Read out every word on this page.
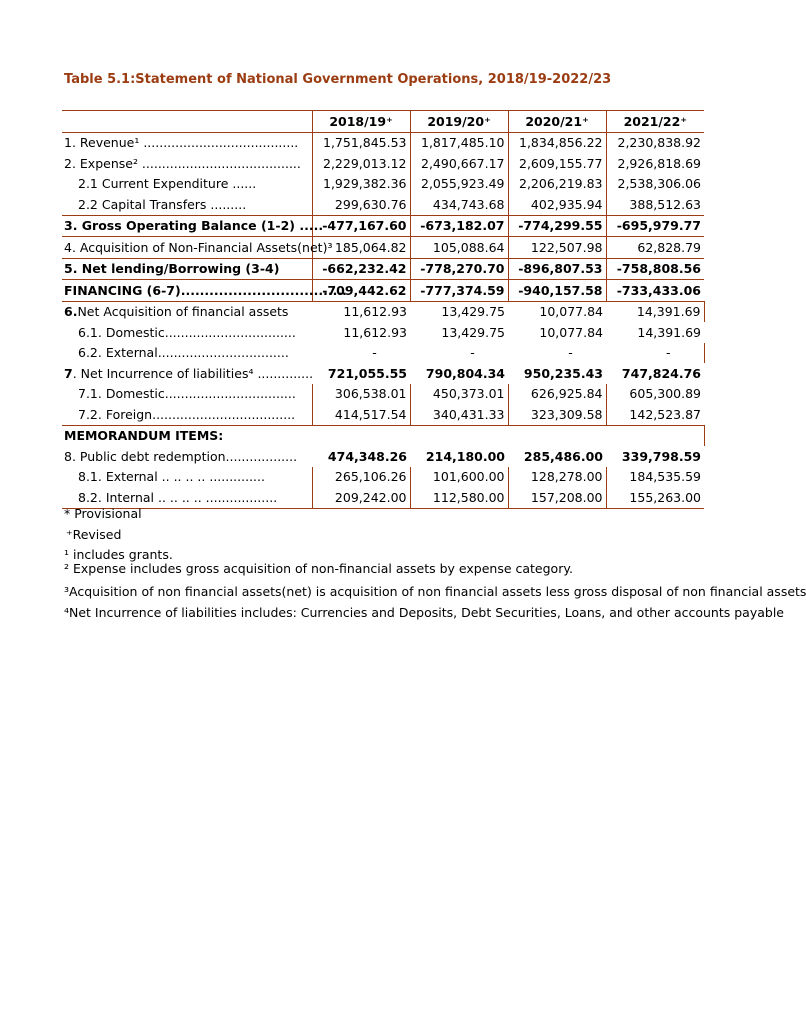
Table 5.1:Statement of National Government Operations, 2018/19-2022/23
	2018/19⁺	2019/20⁺	2020/21⁺	2021/22⁺
1. Revenue¹ .......................................	1,751,845.53	1,817,485.10	1,834,856.22	2,230,838.92
2. Expense² ........................................	2,229,013.12	2,490,667.17	2,609,155.77	2,926,818.69
2.1 Current Expenditure ......	1,929,382.36	2,055,923.49	2,206,219.83	2,538,306.06
2.2 Capital Transfers .........	299,630.76	434,743.68	402,935.94	388,512.63
3. Gross Operating Balance (1-2) .....	-477,167.60	-673,182.07	-774,299.55	-695,979.77
4. Acquisition of Non-Financial Assets(net)³	185,064.82	105,088.64	122,507.98	62,828.79
5. Net lending/Borrowing (3-4)	-662,232.42	-778,270.70	-896,807.53	-758,808.56
FINANCING (6-7)...................................	-709,442.62	-777,374.59	-940,157.58	-733,433.06
6.Net Acquisition of financial assets	11,612.93	13,429.75	10,077.84	14,391.69
6.1. Domestic.................................	11,612.93	13,429.75	10,077.84	14,391.69
6.2. External.................................	-	-	-	-
7. Net Incurrence of liabilities⁴ ..............	721,055.55	790,804.34	950,235.43	747,824.76
7.1. Domestic.................................	306,538.01	450,373.01	626,925.84	605,300.89
7.2. Foreign....................................	414,517.54	340,431.33	323,309.58	142,523.87
MEMORANDUM ITEMS:				
8. Public debt redemption..................	474,348.26	214,180.00	285,486.00	339,798.59
8.1. External .. .. .. .. ..............	265,106.26	101,600.00	128,278.00	184,535.59
8.2. Internal .. .. .. .. ..................	209,242.00	112,580.00	157,208.00	155,263.00
* Provisional
⁺Revised
¹ includes grants.
² Expense includes gross acquisition of non-financial assets by expense category.
³Acquisition of non financial assets(net) is acquisition of non financial assets less gross disposal of non financial assets
⁴Net Incurrence of liabilities includes: Currencies and Deposits, Debt Securities, Loans, and other accounts payable
